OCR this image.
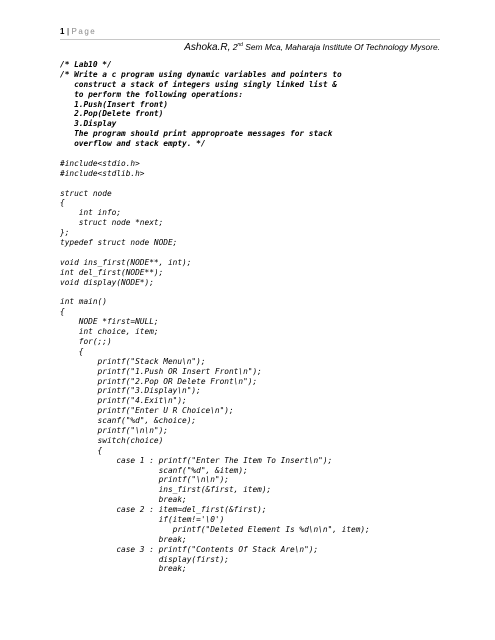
1 | Page
Ashoka.R, 2nd Sem Mca, Maharaja Institute Of Technology Mysore.
/* Lab10 */
/* Write a c program using dynamic variables and pointers to
construct a stack of integers using singly linked list &
to perform the following operations:
1.Push(Insert front)
2.Pop(Delete front)
3.Display
The program should print approproate messages for stack
overflow and stack empty. */
#include<stdio.h>
#include<stdlib.h>
struct node
{
int info;
struct node *next;
};
typedef struct node NODE;
void ins_first(NODE**, int);
int del_first(NODE**);
void display(NODE*);
int main()
{
NODE *first=NULL;
int choice, item;
for(;;)
{
printf("Stack Menu\n");
printf("1.Push OR Insert Front\n");
printf("2.Pop OR Delete Front\n");
printf("3.Display\n");
printf("4.Exit\n");
printf("Enter U R Choice\n");
scanf("%d", &choice);
printf("\n\n");
switch(choice)
{
case 1 : printf("Enter The Item To Insert\n");
scanf("%d", &item);
printf("\n\n");
ins_first(&first, item);
break;
case 2 : item=del_first(&first);
if(item!='\0')
printf("Deleted Element Is %d\n\n", item);
break;
case 3 : printf("Contents Of Stack Are\n");
display(first);
break;
